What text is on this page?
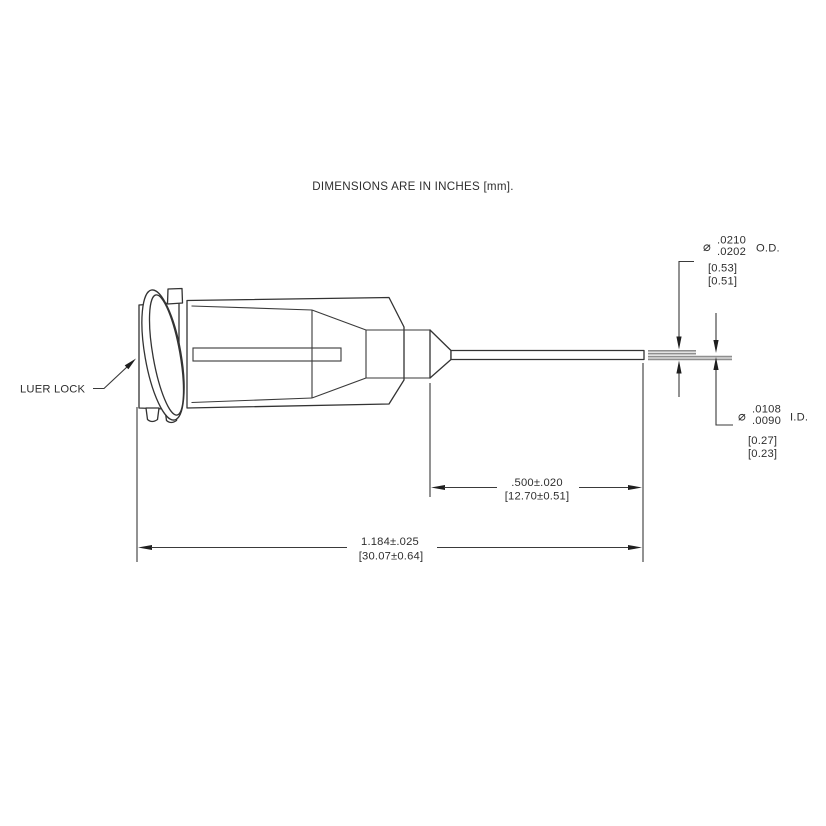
DIMENSIONS ARE IN INCHES [mm].
⌀ .0210
.0202 O.D.
[0.53]
[0.51]
⌀ .0108
.0090 I.D.
[0.27]
[0.23]
.500±.020
[12.70±0.51]
1.184±.025
[30.07±0.64]
LUER LOCK
